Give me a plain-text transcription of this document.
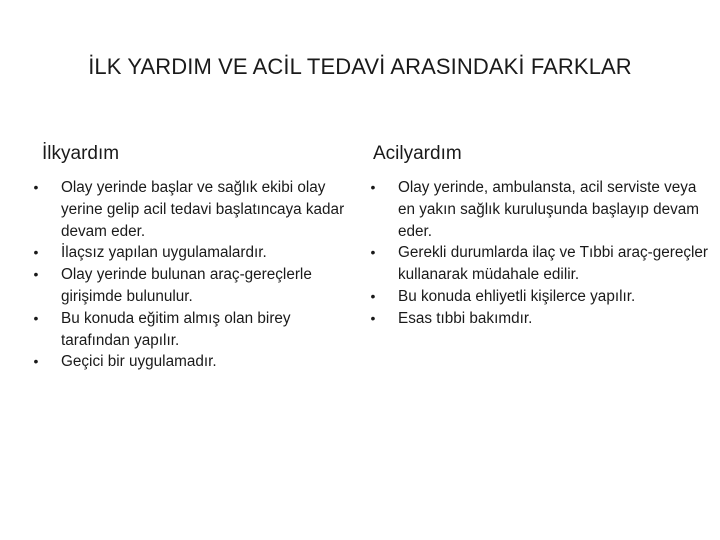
İLK YARDIM VE ACİL TEDAVİ ARASINDAKİ FARKLAR
İlkyardım
• Olay yerinde başlar ve sağlık ekibi olay yerine gelip acil tedavi başlatıncaya kadar devam eder.
• İlaçsız yapılan uygulamalardır.
• Olay yerinde bulunan araç-gereçlerle girişimde bulunulur.
• Bu konuda eğitim almış olan birey tarafından yapılır.
• Geçici bir uygulamadır.
Acilyardım
• Olay yerinde, ambulansta, acil serviste veya en yakın sağlık kuruluşunda başlayıp devam eder.
• Gerekli durumlarda ilaç ve Tıbbi araç-gereçler kullanarak müdahale edilir.
• Bu konuda ehliyetli kişilerce yapılır.
• Esas tıbbi bakımdır.
